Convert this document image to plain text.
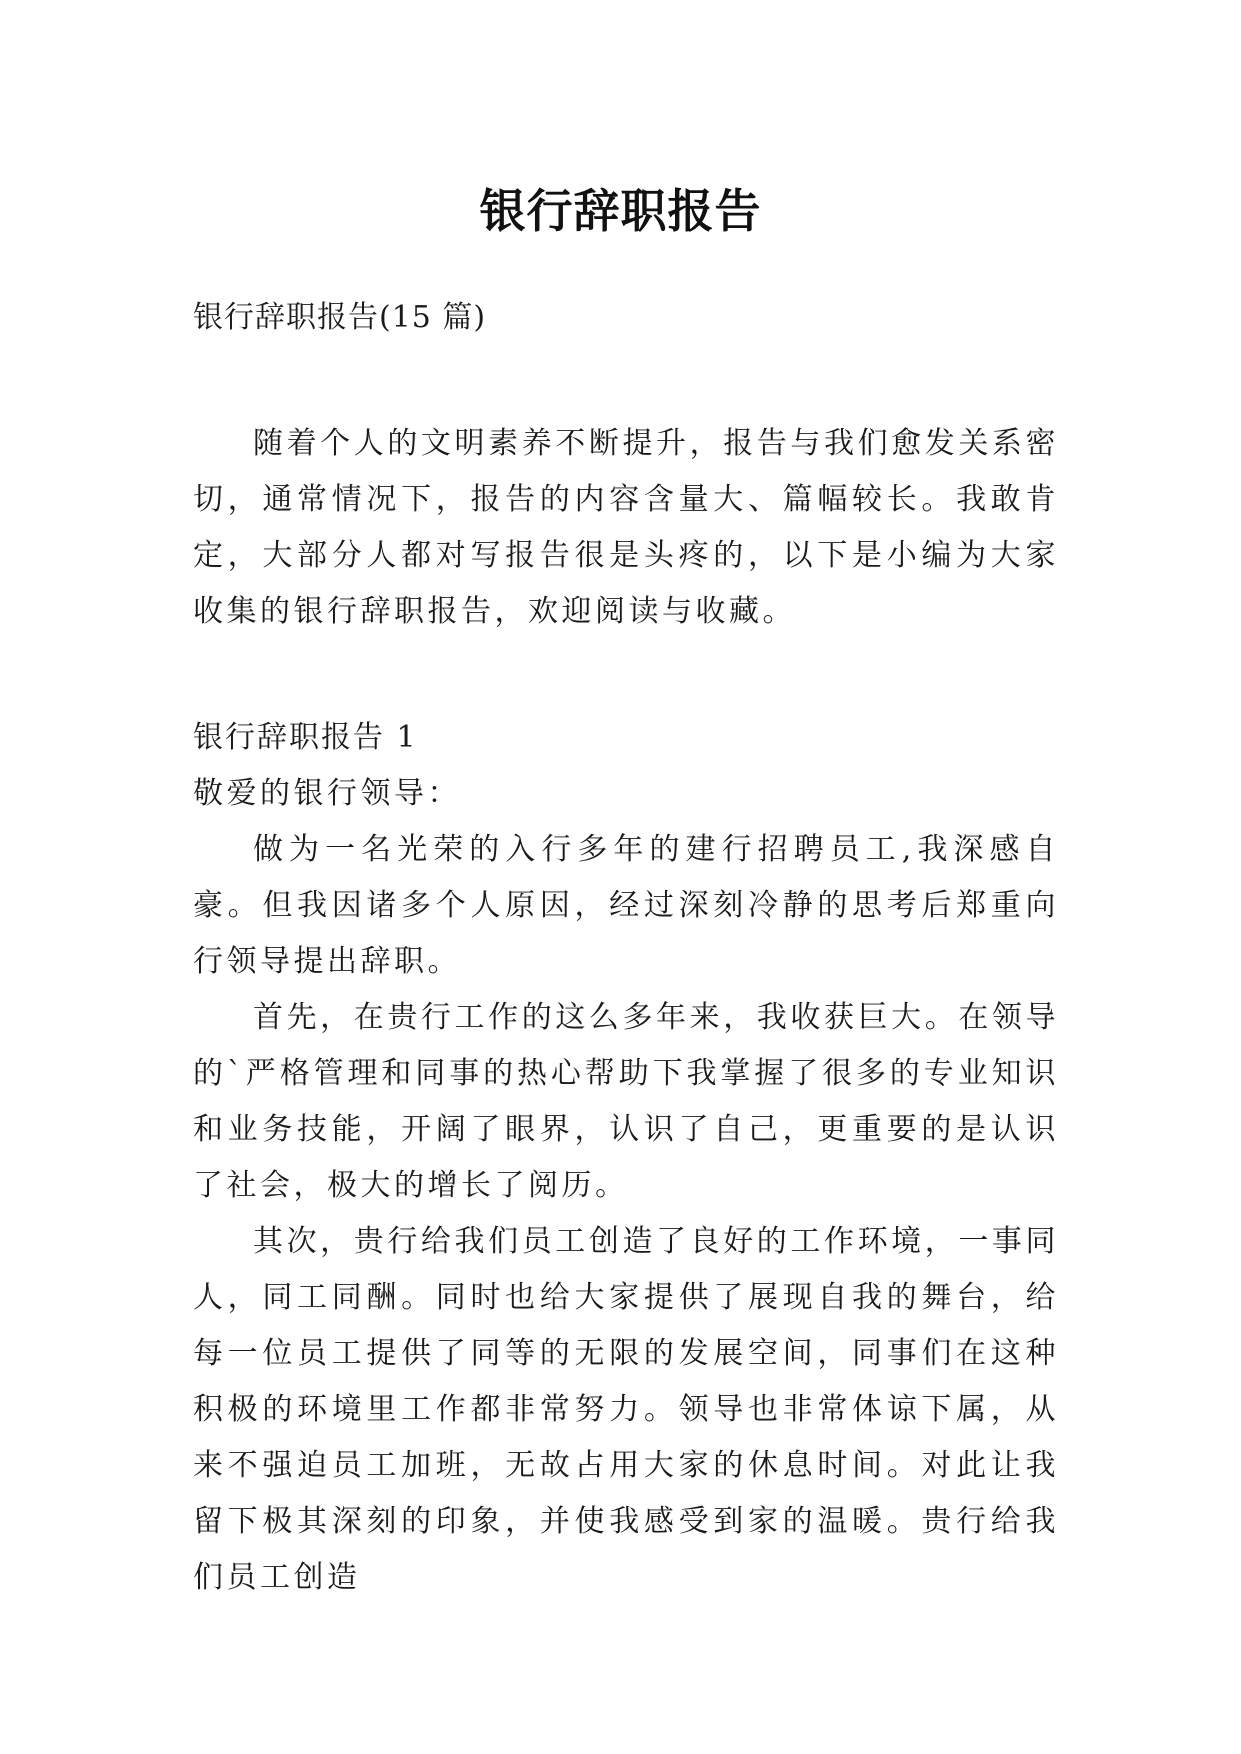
银行辞职报告

银行辞职报告(15 篇)

随着个人的文明素养不断提升，报告与我们愈发关系密切，通常情况下，报告的内容含量大、篇幅较长。我敢肯定，大部分人都对写报告很是头疼的，以下是小编为大家收集的银行辞职报告，欢迎阅读与收藏。

银行辞职报告 1

敬爱的银行领导：

做为一名光荣的入行多年的建行招聘员工,我深感自豪。但我因诸多个人原因，经过深刻冷静的思考后郑重向行领导提出辞职。

首先，在贵行工作的这么多年来，我收获巨大。在领导的`严格管理和同事的热心帮助下我掌握了很多的专业知识和业务技能，开阔了眼界，认识了自己，更重要的是认识了社会，极大的增长了阅历。

其次，贵行给我们员工创造了良好的工作环境，一事同人，同工同酬。同时也给大家提供了展现自我的舞台，给每一位员工提供了同等的无限的发展空间，同事们在这种积极的环境里工作都非常努力。领导也非常体谅下属，从来不强迫员工加班，无故占用大家的休息时间。对此让我留下极其深刻的印象，并使我感受到家的温暖。贵行给我们员工创造
